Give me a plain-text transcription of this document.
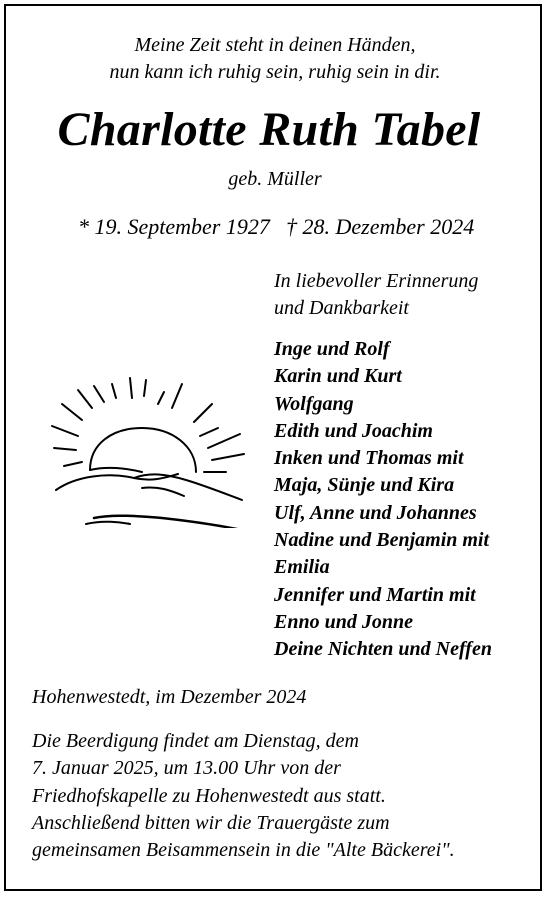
Meine Zeit steht in deinen Händen,
nun kann ich ruhig sein, ruhig sein in dir.
Charlotte Ruth Tabel
geb. Müller
* 19. September 1927 † 28. Dezember 2024
In liebevoller Erinnerung
und Dankbarkeit
Inge und Rolf
Karin und Kurt
Wolfgang
Edith und Joachim
Inken und Thomas mit
Maja, Sünje und Kira
Ulf, Anne und Johannes
Nadine und Benjamin mit
Emilia
Jennifer und Martin mit
Enno und Jonne
Deine Nichten und Neffen
Hohenwestedt, im Dezember 2024
Die Beerdigung findet am Dienstag, dem
7. Januar 2025, um 13.00 Uhr von der
Friedhofskapelle zu Hohenwestedt aus statt.
Anschließend bitten wir die Trauergäste zum
gemeinsamen Beisammensein in die "Alte Bäckerei".
